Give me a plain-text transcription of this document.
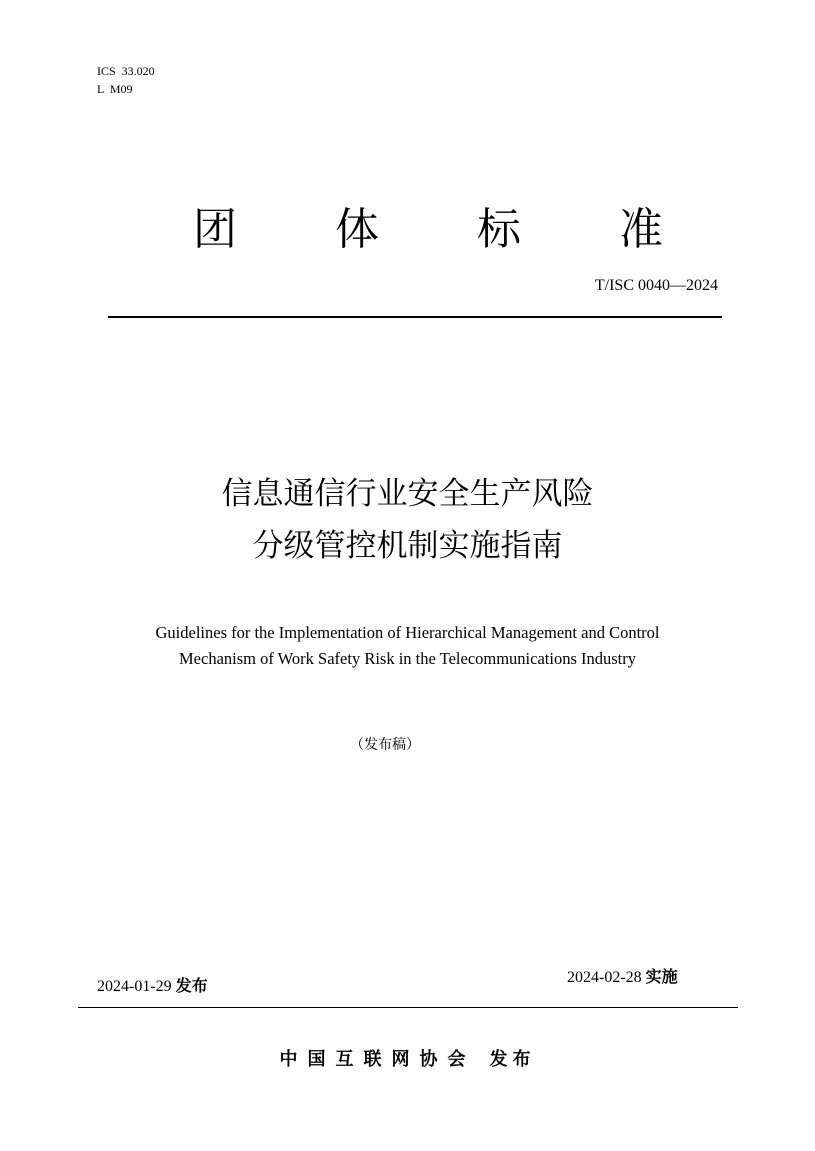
ICS  33.020
L  M09
团 体 标 准
T/ISC 0040—2024
信息通信行业安全生产风险
分级管控机制实施指南
Guidelines for the Implementation of Hierarchical Management and Control
Mechanism of Work Safety Risk in the Telecommunications Industry
（发布稿）
2024-01-29 发布	2024-02-28 实施
中国互联网协会 发布
